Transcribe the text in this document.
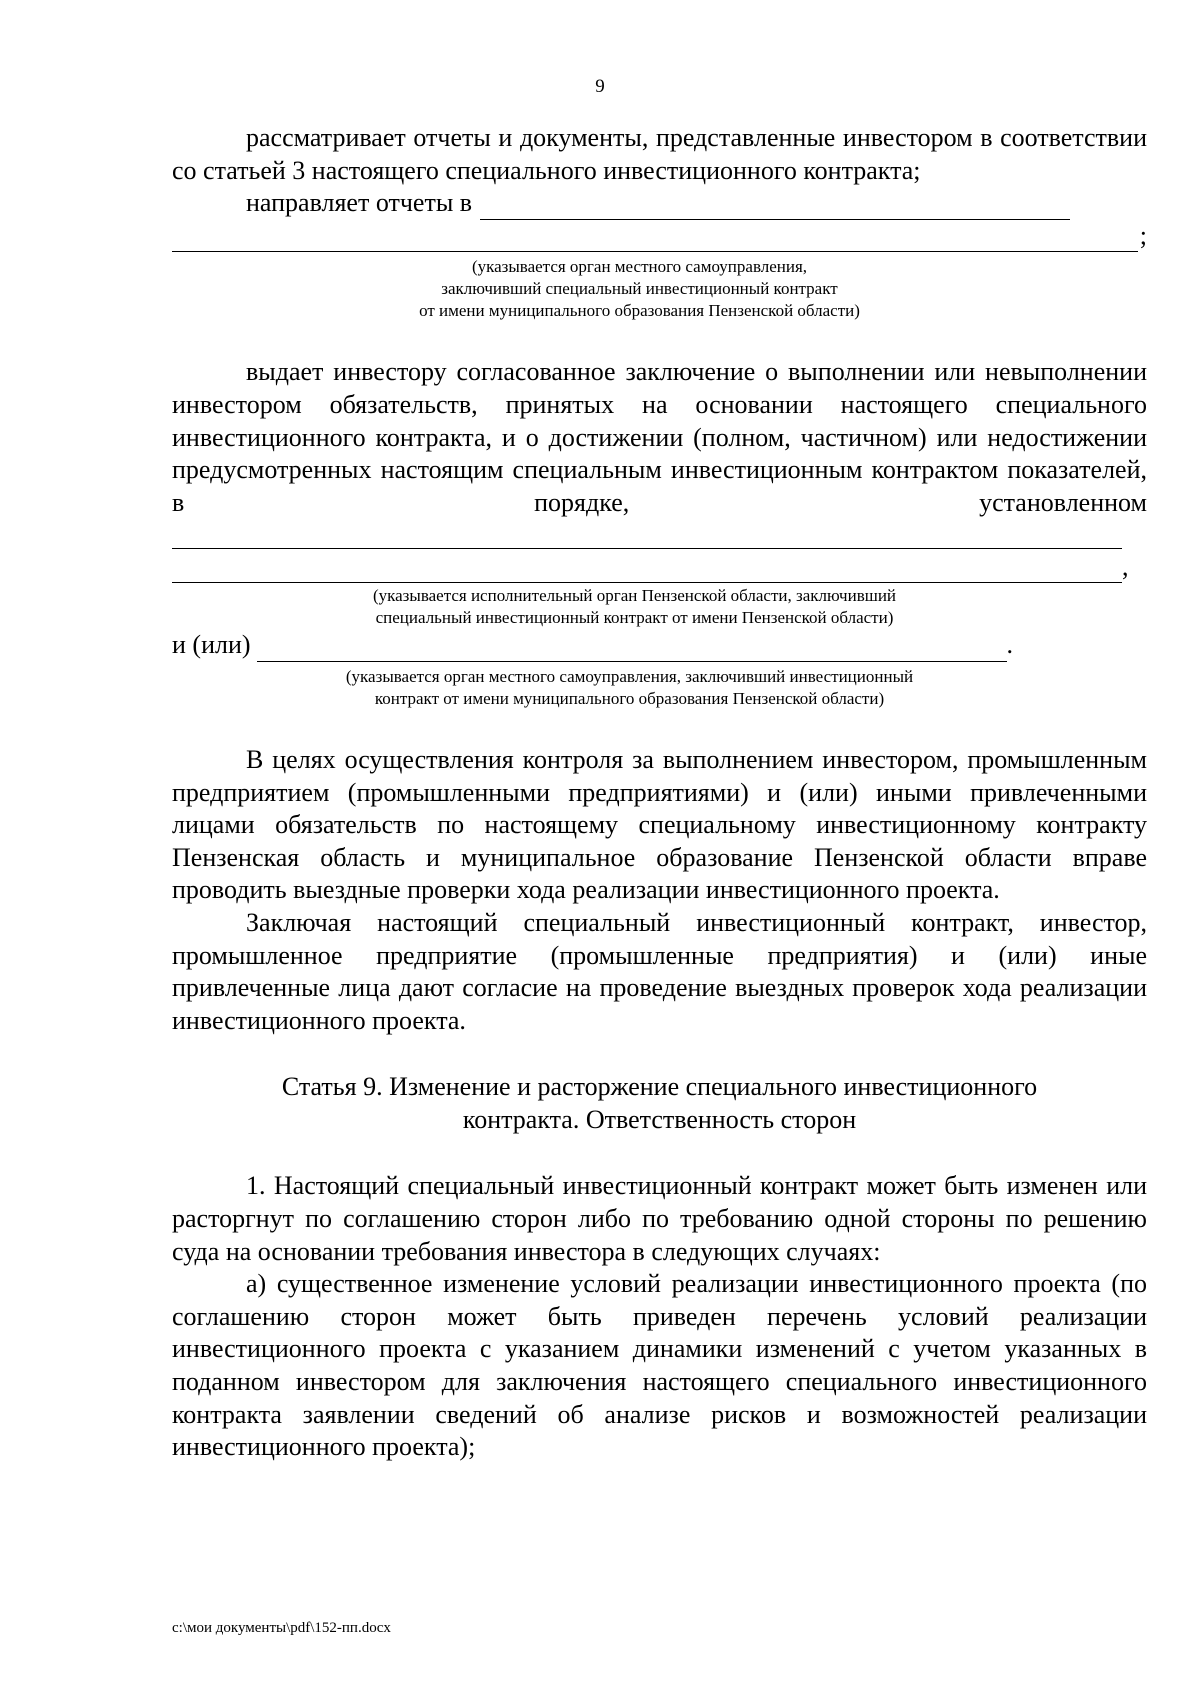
9

рассматривает отчеты и документы, представленные инвестором в соответствии со статьей 3 настоящего специального инвестиционного контракта;

направляет отчеты в
;

(указывается орган местного самоуправления,

заключивший специальный инвестиционный контракт

от имени муниципального образования Пензенской области)

выдает инвестору согласованное заключение о выполнении или невыполнении инвестором обязательств, принятых на основании настоящего специального инвестиционного контракта, и о достижении (полном, частичном) или недостижении предусмотренных настоящим специальным инвестиционным контрактом показателей, в порядке, установленном

,

(указывается исполнительный орган Пензенской области, заключивший

специальный инвестиционный контракт от имени Пензенской области)

и (или)	.

(указывается орган местного самоуправления, заключивший инвестиционный

контракт от имени муниципального образования Пензенской области)

В целях осуществления контроля за выполнением инвестором, промышленным предприятием (промышленными предприятиями) и (или) иными привлеченными лицами обязательств по настоящему специальному инвестиционному контракту Пензенская область и муниципальное образование Пензенской области вправе проводить выездные проверки хода реализации инвестиционного проекта.

Заключая настоящий специальный инвестиционный контракт, инвестор, промышленное предприятие (промышленные предприятия) и (или) иные привлеченные лица дают согласие на проведение выездных проверок хода реализации инвестиционного проекта.

Статья 9. Изменение и расторжение специального инвестиционного

контракта. Ответственность сторон

1. Настоящий специальный инвестиционный контракт может быть изменен или расторгнут по соглашению сторон либо по требованию одной стороны по решению суда на основании требования инвестора в следующих случаях:

а) существенное изменение условий реализации инвестиционного проекта (по соглашению сторон может быть приведен перечень условий реализации инвестиционного проекта с указанием динамики изменений с учетом указанных в поданном инвестором для заключения настоящего специального инвестиционного контракта заявлении сведений об анализе рисков и возможностей реализации инвестиционного проекта);

c:\мои документы\pdf\152-пп.docx
